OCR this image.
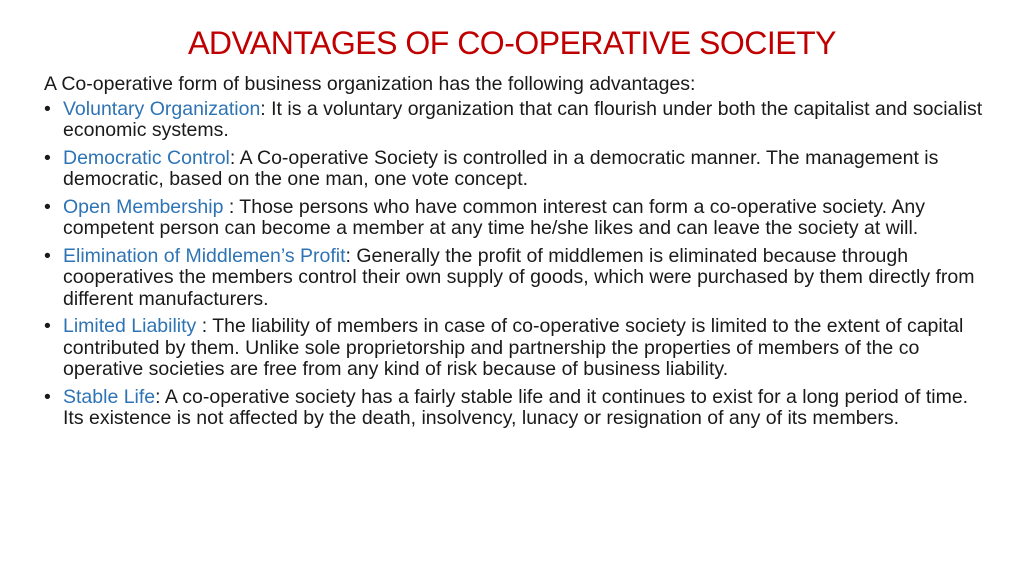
ADVANTAGES OF CO-OPERATIVE SOCIETY

A Co-operative form of business organization has the following advantages:

• Voluntary Organization: It is a voluntary organization that can flourish under both the capitalist and socialist economic systems.
• Democratic Control: A Co-operative Society is controlled in a democratic manner. The management is democratic, based on the one man, one vote concept.
• Open Membership : Those persons who have common interest can form a co-operative society. Any competent person can become a member at any time he/she likes and can leave the society at will.
• Elimination of Middlemen’s Profit: Generally the profit of middlemen is eliminated because through cooperatives the members control their own supply of goods, which were purchased by them directly from different manufacturers.
• Limited Liability : The liability of members in case of co-operative society is limited to the extent of capital contributed by them. Unlike sole proprietorship and partnership the properties of members of the co operative societies are free from any kind of risk because of business liability.
• Stable Life: A co-operative society has a fairly stable life and it continues to exist for a long period of time. Its existence is not affected by the death, insolvency, lunacy or resignation of any of its members.
